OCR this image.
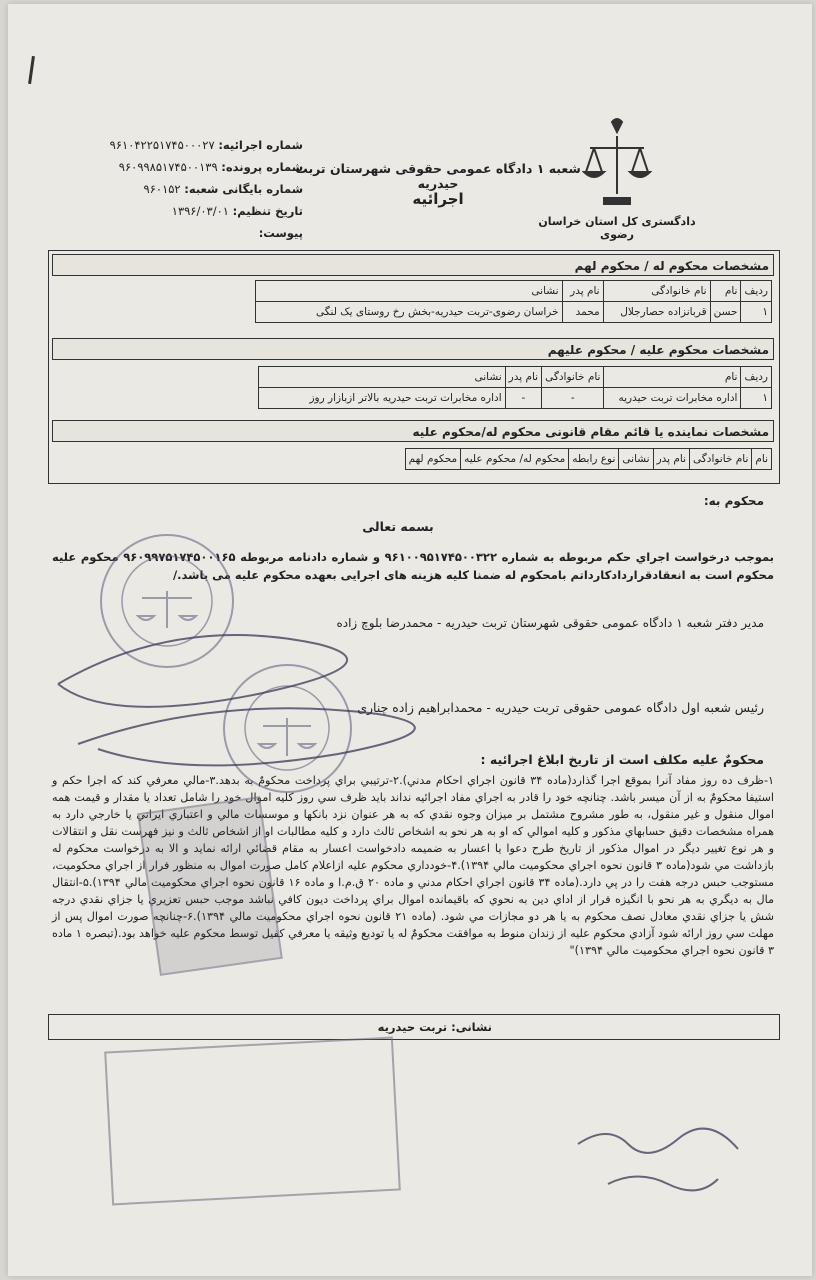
دادگستری کل استان خراسان
رضوی
شعبه ۱ دادگاه عمومی حقوقی شهرستان تربت حیدریه
اجرائیه
شماره اجرائیه: ۹۶۱۰۴۲۲۵۱۷۴۵۰۰۰۲۷
شماره پرونده: ۹۶۰۹۹۸۵۱۷۴۵۰۰۱۳۹
شماره بایگانی شعبه: ۹۶۰۱۵۲
تاریخ تنظیم: ۱۳۹۶/۰۳/۰۱
پیوست:
مشخصات محکوم له / محکوم لهم
ردیف	نام	نام خانوادگی	نام پدر	نشانی
۱	حسن	قربانزاده حصارجلال	محمد	خراسان رضوی-تربت حیدریه-بخش رخ روستای یک لنگی
مشخصات محکوم علیه / محکوم علیهم
ردیف	نام	نام خانوادگی	نام پدر	نشانی
۱	اداره مخابرات تربت حیدریه	-	-	اداره مخابرات تربت حیدریه بالاتر ازبازار روز
مشخصات نماینده یا قائم مقام قانونی محکوم له/محکوم علیه
نام	نام خانوادگی	نام پدر	نشانی	نوع رابطه	محکوم له/ محکوم علیه	محکوم لهم
محکوم به:
بسمه تعالی
بموجب درخواست اجراي حكم مربوطه به شماره ۹۶۱۰۰۹۵۱۷۴۵۰۰۳۲۲ و شماره دادنامه مربوطه ۹۶۰۹۹۷۵۱۷۴۵۰۰۱۶۵ محكوم عليه محكوم است به انعقادقراردادكارداتم بامحکوم له ضمنا کلیه هزینه های اجرایی بعهده محکوم علیه می باشد./
مدیر دفتر شعبه ۱ دادگاه عمومی حقوقی شهرستان تربت حیدریه - محمدرضا بلوچ زاده
رئیس شعبه اول دادگاه عمومی حقوقی تربت حیدریه - محمدابراهیم زاده چناری
محکومٌ علیه مکلف است از تاریخ ابلاغ اجرائیه :
۱-ظرف ده روز مفاد آنرا بموقع اجرا گذارد(ماده ۳۴ قانون اجراي احكام مدني).۲-ترتيبي براي پرداخت محكومٌ به بدهد.۳-مالي معرفي كند كه اجرا حكم و استيفا محكومٌ به از آن ميسر باشد. چنانچه خود را قادر به اجراي مفاد اجرائيه نداند بايد ظرف سي روز كليه اموال خود را شامل تعداد يا مقدار و قيمت همه اموال منقول و غير منقول، به طور مشروح مشتمل بر ميزان وجوه نقدي كه به هر عنوان نزد بانكها و موسسات مالي و اعتباري ايراني يا خارجي دارد به همراه مشخصات دقيق حسابهاي مذكور و كليه اموالي كه او به هر نحو به اشخاص ثالث دارد و كليه مطالبات او از اشخاص ثالث و نيز فهرست نقل و انتقالات و هر نوع تغيير ديگر در اموال مذكور از تاريخ طرح دعوا يا اعسار به ضميمه دادخواست اعسار به مقام قضائي ارائه نمايد و الا به درخواست محكوم له بازداشت مي شود(ماده ۳ قانون نحوه اجراي محكوميت مالي ۱۳۹۴).۴-خودداري محكوم عليه ازاعلام كامل صورت اموال به منظور فرار از اجراي محكوميت، مستوجب حبس درجه هفت را در پي دارد.(ماده ۳۴ قانون اجراي احكام مدني و ماده ۲۰ ق.م.ا و ماده ۱۶ قانون نحوه اجراي محكوميت مالي ۱۳۹۴).۵-انتقال مال به ديگري به هر نحو با انگيزه فرار از اداي دين به نحوي كه باقيمانده اموال براي پرداخت ديون كافي نباشد موجب حبس تعزيري يا جزاي نقدي درجه شش يا جزاي نقدي معادل نصف محكوم به يا هر دو مجازات مي شود. (ماده ۲۱ قانون نحوه اجراي محكوميت مالي ۱۳۹۴).۶-چنانچه صورت اموال پس از مهلت سي روز ارائه شود آزادي محكوم عليه از زندان منوط به موافقت محكومٌ له يا توديع وثيقه يا معرفي كفيل توسط محكوم عليه خواهد بود.(تبصره ۱ ماده ۳ قانون نحوه اجراي محكوميت مالي ۱۳۹۴)"
نشانی: تربت حیدریه
